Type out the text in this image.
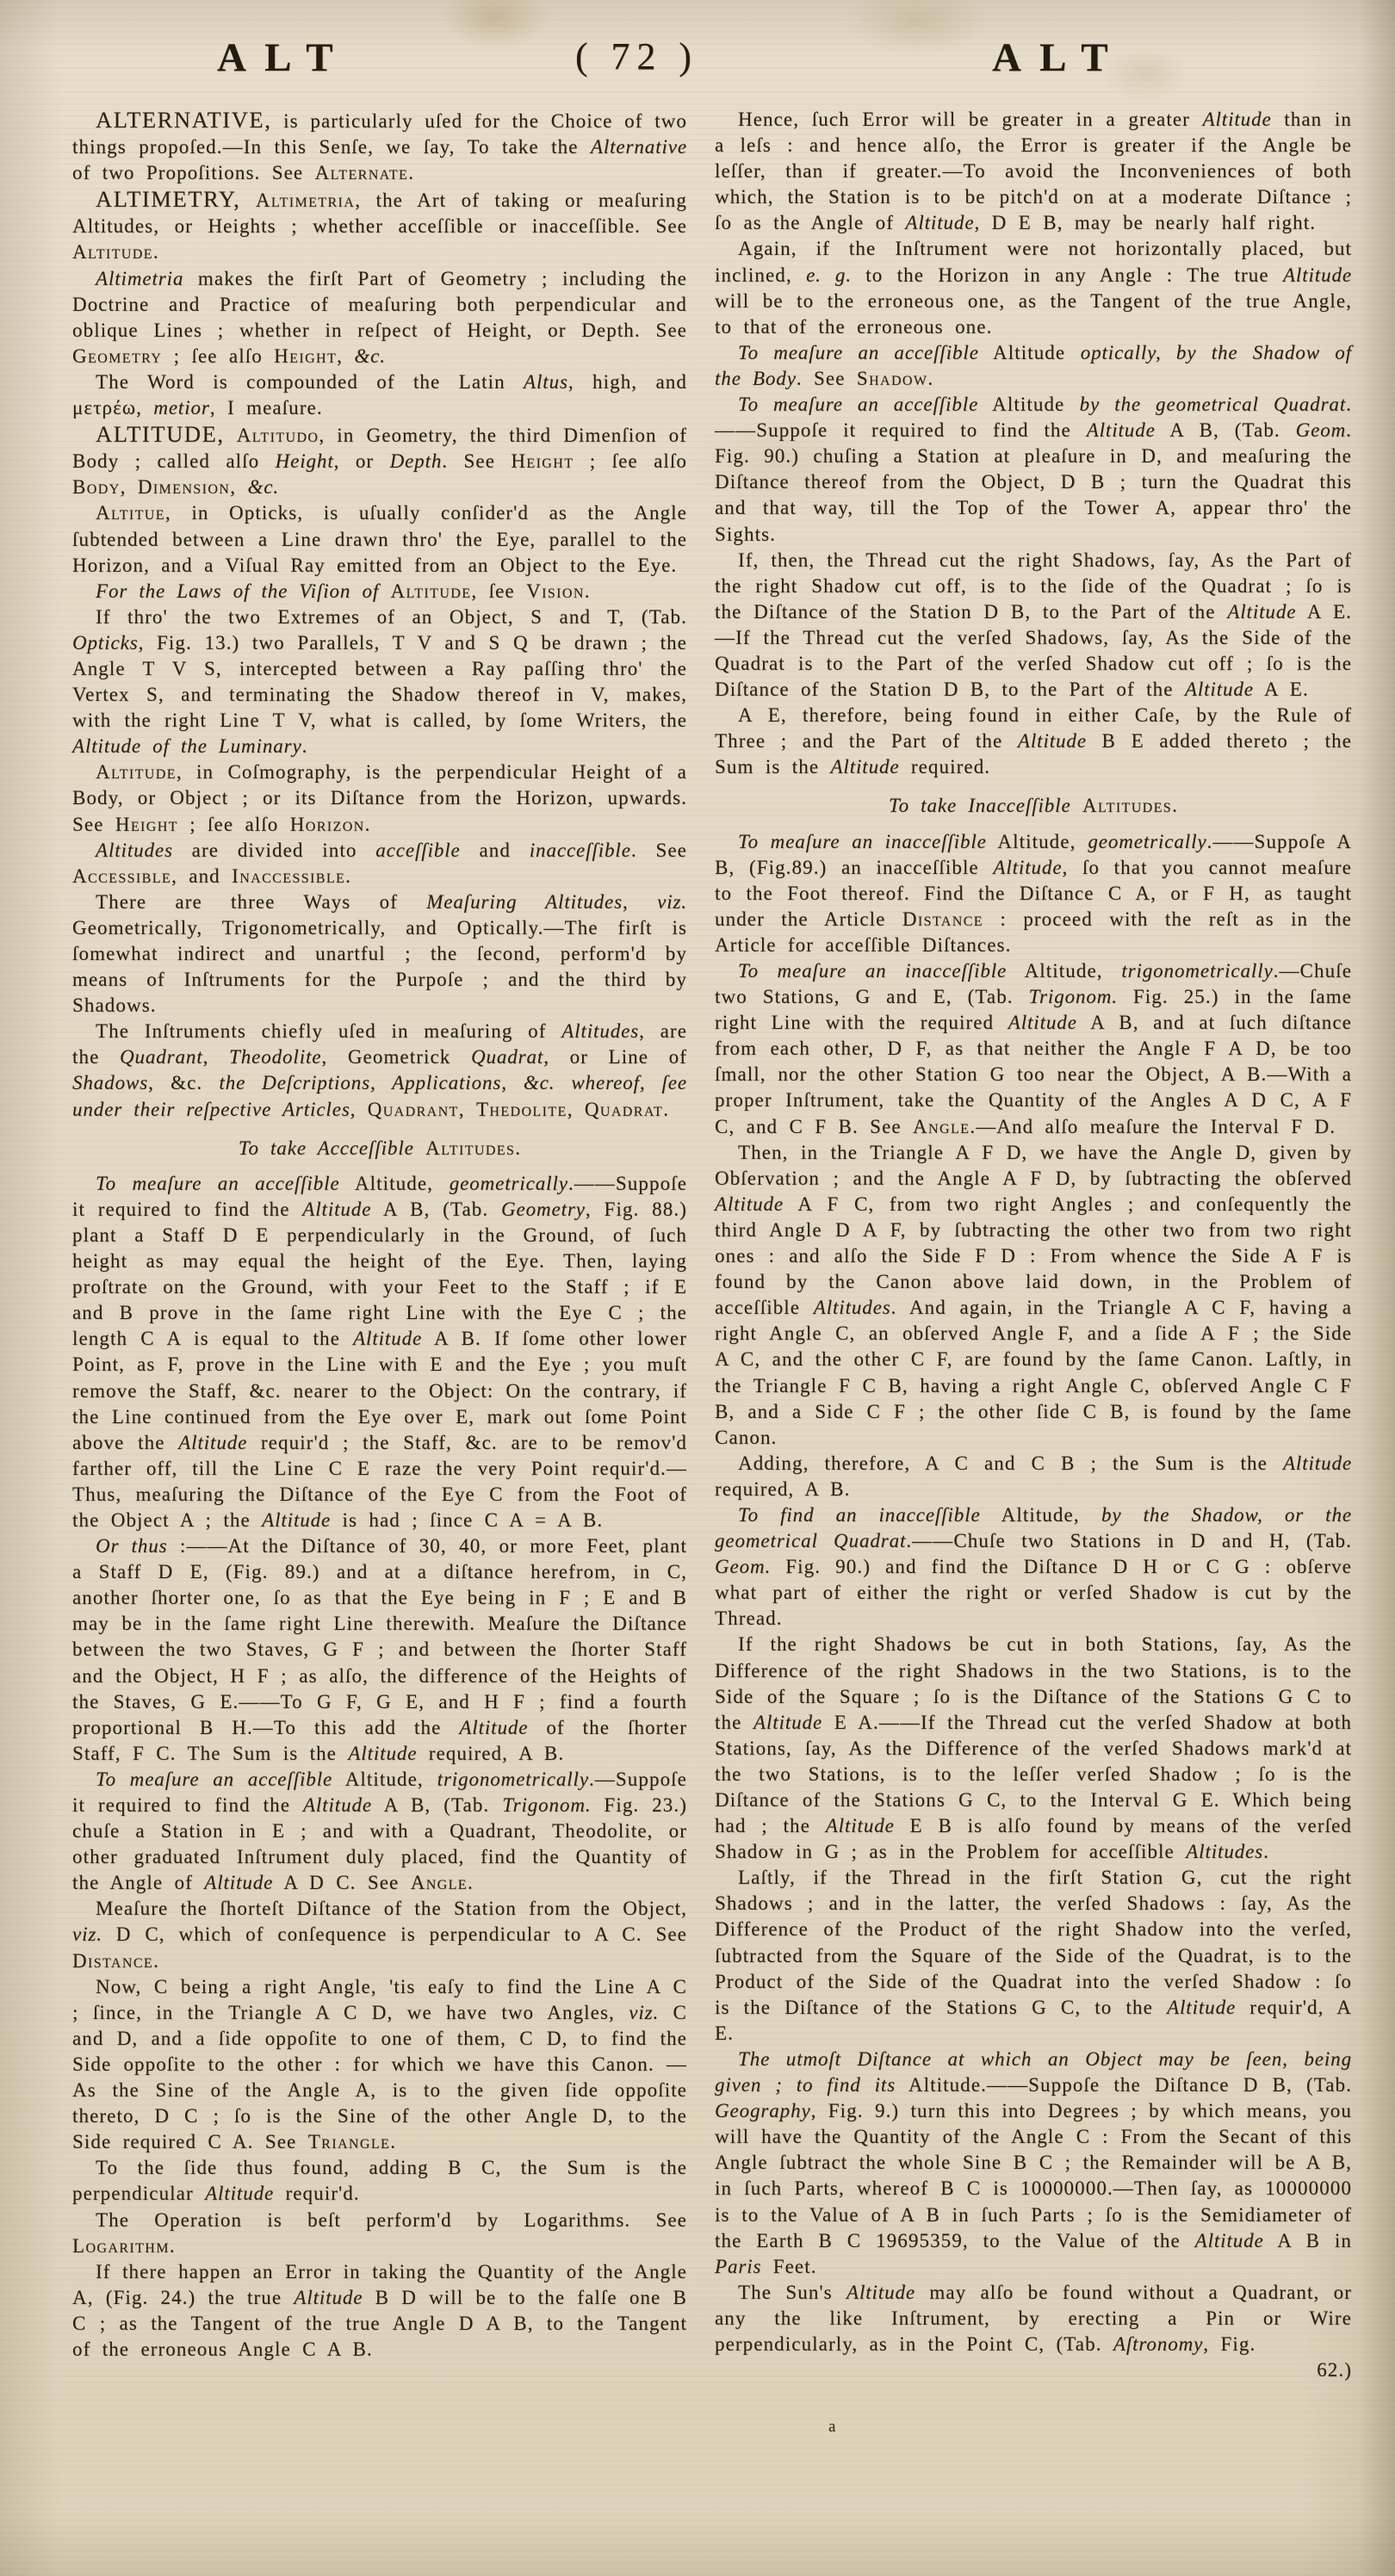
ALT	( 72 )	ALT

ALTERNATIVE, is particularly uſed for the Choice of two things propoſed.—In this Senſe, we ſay, To take the Alternative of two Propoſitions. See Alternate.

ALTIMETRY, Altimetria, the Art of taking or meaſuring Altitudes, or Heights ; whether acceſſible or inacceſſible. See Altitude.

Altimetria makes the firſt Part of Geometry ; including the Doctrine and Practice of meaſuring both perpendicular and oblique Lines ; whether in reſpect of Height, or Depth. See Geometry ; ſee alſo Height, &c.

The Word is compounded of the Latin Altus, high, and μετρέω, metior, I meaſure.

ALTITUDE, Altitudo, in Geometry, the third Dimenſion of Body ; called alſo Height, or Depth. See Height ; ſee alſo Body, Dimension, &c.

Altitue, in Opticks, is uſually conſider'd as the Angle ſubtended between a Line drawn thro' the Eye, parallel to the Horizon, and a Viſual Ray emitted from an Object to the Eye.

For the Laws of the Viſion of Altitude, ſee Vision.

If thro' the two Extremes of an Object, S and T, (Tab. Opticks, Fig. 13.) two Parallels, T V and S Q be drawn ; the Angle T V S, intercepted between a Ray paſſing thro' the Vertex S, and terminating the Shadow thereof in V, makes, with the right Line T V, what is called, by ſome Writers, the Altitude of the Luminary.

Altitude, in Coſmography, is the perpendicular Height of a Body, or Object ; or its Diſtance from the Horizon, upwards. See Height ; ſee alſo Horizon.

Altitudes are divided into acceſſible and inacceſſible. See Accessible, and Inaccessible.

There are three Ways of Meaſuring Altitudes, viz. Geometrically, Trigonometrically, and Optically.—The firſt is ſomewhat indirect and unartful ; the ſecond, perform'd by means of Inſtruments for the Purpoſe ; and the third by Shadows.

The Inſtruments chiefly uſed in meaſuring of Altitudes, are the Quadrant, Theodolite, Geometrick Quadrat, or Line of Shadows, &c. the Deſcriptions, Applications, &c. whereof, ſee under their reſpective Articles, Quadrant, Thedolite, Quadrat.

To take Accceſſible Altitudes.

To meaſure an acceſſible Altitude, geometrically.——Suppoſe it required to find the Altitude A B, (Tab. Geometry, Fig. 88.) plant a Staff D E perpendicularly in the Ground, of ſuch height as may equal the height of the Eye. Then, laying proſtrate on the Ground, with your Feet to the Staff ; if E and B prove in the ſame right Line with the Eye C ; the length C A is equal to the Altitude A B. If ſome other lower Point, as F, prove in the Line with E and the Eye ; you muſt remove the Staff, &c. nearer to the Object: On the contrary, if the Line continued from the Eye over E, mark out ſome Point above the Altitude requir'd ; the Staff, &c. are to be remov'd farther off, till the Line C E raze the very Point requir'd.—Thus, meaſuring the Diſtance of the Eye C from the Foot of the Object A ; the Altitude is had ; ſince C A = A B.

Or thus :——At the Diſtance of 30, 40, or more Feet, plant a Staff D E, (Fig. 89.) and at a diſtance herefrom, in C, another ſhorter one, ſo as that the Eye being in F ; E and B may be in the ſame right Line therewith. Meaſure the Diſtance between the two Staves, G F ; and between the ſhorter Staff and the Object, H F ; as alſo, the difference of the Heights of the Staves, G E.——To G F, G E, and H F ; find a fourth proportional B H.—To this add the Altitude of the ſhorter Staff, F C. The Sum is the Altitude required, A B.

To meaſure an acceſſible Altitude, trigonometrically.—Suppoſe it required to find the Altitude A B, (Tab. Trigonom. Fig. 23.) chuſe a Station in E ; and with a Quadrant, Theodolite, or other graduated Inſtrument duly placed, find the Quantity of the Angle of Altitude A D C. See Angle.

Meaſure the ſhorteſt Diſtance of the Station from the Object, viz. D C, which of conſequence is perpendicular to A C. See Distance.

Now, C being a right Angle, 'tis eaſy to find the Line A C ; ſince, in the Triangle A C D, we have two Angles, viz. C and D, and a ſide oppoſite to one of them, C D, to find the Side oppoſite to the other : for which we have this Canon. —As the Sine of the Angle A, is to the given ſide oppoſite thereto, D C ; ſo is the Sine of the other Angle D, to the Side required C A. See Triangle.

To the ſide thus found, adding B C, the Sum is the perpendicular Altitude requir'd.

The Operation is beſt perform'd by Logarithms. See Logarithm.

If there happen an Error in taking the Quantity of the Angle A, (Fig. 24.) the true Altitude B D will be to the falſe one B C ; as the Tangent of the true Angle D A B, to the Tangent of the erroneous Angle C A B.

Hence, ſuch Error will be greater in a greater Altitude than in a leſs : and hence alſo, the Error is greater if the Angle be leſſer, than if greater.—To avoid the Inconveniences of both which, the Station is to be pitch'd on at a moderate Diſtance ; ſo as the Angle of Altitude, D E B, may be nearly half right.

Again, if the Inſtrument were not horizontally placed, but inclined, e. g. to the Horizon in any Angle : The true Altitude will be to the erroneous one, as the Tangent of the true Angle, to that of the erroneous one.

To meaſure an acceſſible Altitude optically, by the Shadow of the Body. See Shadow.

To meaſure an acceſſible Altitude by the geometrical Quadrat.——Suppoſe it required to find the Altitude A B, (Tab. Geom. Fig. 90.) chuſing a Station at pleaſure in D, and meaſuring the Diſtance thereof from the Object, D B ; turn the Quadrat this and that way, till the Top of the Tower A, appear thro' the Sights.

If, then, the Thread cut the right Shadows, ſay, As the Part of the right Shadow cut off, is to the ſide of the Quadrat ; ſo is the Diſtance of the Station D B, to the Part of the Altitude A E.—If the Thread cut the verſed Shadows, ſay, As the Side of the Quadrat is to the Part of the verſed Shadow cut off ; ſo is the Diſtance of the Station D B, to the Part of the Altitude A E.

A E, therefore, being found in either Caſe, by the Rule of Three ; and the Part of the Altitude B E added thereto ; the Sum is the Altitude required.

To take Inacceſſible Altitudes.

To meaſure an inacceſſible Altitude, geometrically.——Suppoſe A B, (Fig.89.) an inacceſſible Altitude, ſo that you cannot meaſure to the Foot thereof. Find the Diſtance C A, or F H, as taught under the Article Distance : proceed with the reſt as in the Article for acceſſible Diſtances.

To meaſure an inacceſſible Altitude, trigonometrically.—Chuſe two Stations, G and E, (Tab. Trigonom. Fig. 25.) in the ſame right Line with the required Altitude A B, and at ſuch diſtance from each other, D F, as that neither the Angle F A D, be too ſmall, nor the other Station G too near the Object, A B.—With a proper Inſtrument, take the Quantity of the Angles A D C, A F C, and C F B. See Angle.—And alſo meaſure the Interval F D.

Then, in the Triangle A F D, we have the Angle D, given by Obſervation ; and the Angle A F D, by ſubtracting the obſerved Altitude A F C, from two right Angles ; and conſequently the third Angle D A F, by ſubtracting the other two from two right ones : and alſo the Side F D : From whence the Side A F is found by the Canon above laid down, in the Problem of acceſſible Altitudes. And again, in the Triangle A C F, having a right Angle C, an obſerved Angle F, and a ſide A F ; the Side A C, and the other C F, are found by the ſame Canon. Laſtly, in the Triangle F C B, having a right Angle C, obſerved Angle C F B, and a Side C F ; the other ſide C B, is found by the ſame Canon.

Adding, therefore, A C and C B ; the Sum is the Altitude required, A B.

To find an inacceſſible Altitude, by the Shadow, or the geometrical Quadrat.——Chuſe two Stations in D and H, (Tab. Geom. Fig. 90.) and find the Diſtance D H or C G : obſerve what part of either the right or verſed Shadow is cut by the Thread.

If the right Shadows be cut in both Stations, ſay, As the Difference of the right Shadows in the two Stations, is to the Side of the Square ; ſo is the Diſtance of the Stations G C to the Altitude E A.——If the Thread cut the verſed Shadow at both Stations, ſay, As the Difference of the verſed Shadows mark'd at the two Stations, is to the leſſer verſed Shadow ; ſo is the Diſtance of the Stations G C, to the Interval G E. Which being had ; the Altitude E B is alſo found by means of the verſed Shadow in G ; as in the Problem for acceſſible Altitudes.

Laſtly, if the Thread in the firſt Station G, cut the right Shadows ; and in the latter, the verſed Shadows : ſay, As the Difference of the Product of the right Shadow into the verſed, ſubtracted from the Square of the Side of the Quadrat, is to the Product of the Side of the Quadrat into the verſed Shadow : ſo is the Diſtance of the Stations G C, to the Altitude requir'd, A E.

The utmoſt Diſtance at which an Object may be ſeen, being given ; to find its Altitude.——Suppoſe the Diſtance D B, (Tab. Geography, Fig. 9.) turn this into Degrees ; by which means, you will have the Quantity of the Angle C : From the Secant of this Angle ſubtract the whole Sine B C ; the Remainder will be A B, in ſuch Parts, whereof B C is 10000000.—Then ſay, as 10000000 is to the Value of A B in ſuch Parts ; ſo is the Semidiameter of the Earth B C 19695359, to the Value of the Altitude A B in Paris Feet.

The Sun's Altitude may alſo be found without a Quadrant, or any the like Inſtrument, by erecting a Pin or Wire perpendicularly, as in the Point C, (Tab. Aſtronomy, Fig.

62.)

a
